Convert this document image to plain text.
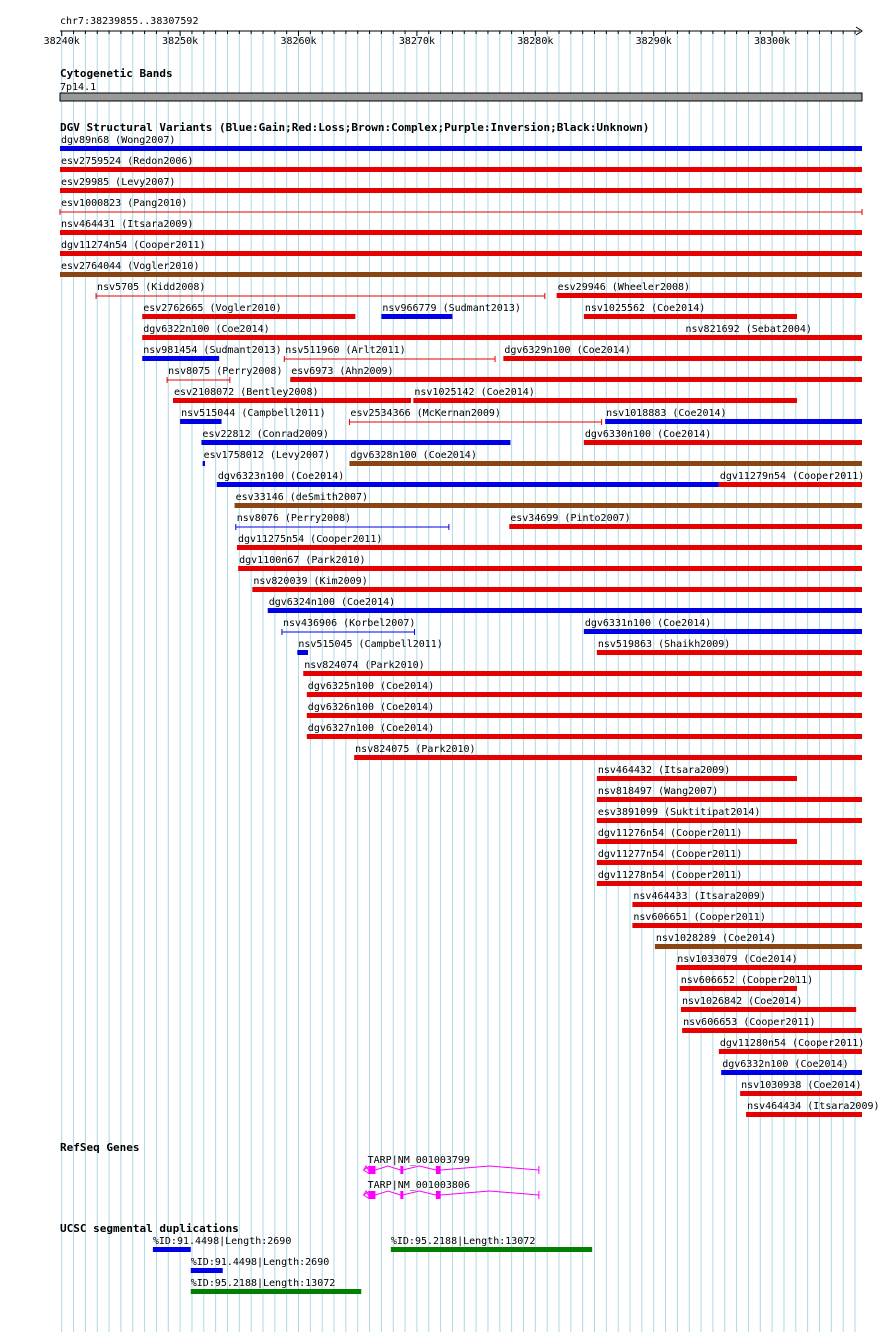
chr7:38239855..38307592
38240k	38250k	38260k	38270k	38280k	38290k	38300k
Cytogenetic Bands
7p14.1
DGV Structural Variants (Blue:Gain;Red:Loss;Brown:Complex;Purple:Inversion;Black:Unknown)
dgv89n68 (Wong2007)
esv2759524 (Redon2006)
esv29985 (Levy2007)
esv1000823 (Pang2010)
nsv464431 (Itsara2009)
dgv11274n54 (Cooper2011)
esv2764044 (Vogler2010)
nsv5705 (Kidd2008)	esv29946 (Wheeler2008)
esv2762665 (Vogler2010)	nsv966779 (Sudmant2013)	nsv1025562 (Coe2014)
dgv6322n100 (Coe2014)	nsv821692 (Sebat2004)
nsv981454 (Sudmant2013) nsv511960 (Arlt2011)	dgv6329n100 (Coe2014)
nsv8075 (Perry2008) esv6973 (Ahn2009)
esv2108072 (Bentley2008)	nsv1025142 (Coe2014)
nsv515044 (Campbell2011) esv2534366 (McKernan2009)	nsv1018883 (Coe2014)
esv22812 (Conrad2009)	dgv6330n100 (Coe2014)
esv1758012 (Levy2007) dgv6328n100 (Coe2014)
dgv6323n100 (Coe2014)	dgv11279n54 (Cooper2011)
esv33146 (deSmith2007)
nsv8076 (Perry2008)	esv34699 (Pinto2007)
dgv11275n54 (Cooper2011)
dgv1100n67 (Park2010)
nsv820039 (Kim2009)
dgv6324n100 (Coe2014)
nsv436906 (Korbel2007)	dgv6331n100 (Coe2014)
nsv515045 (Campbell2011)	nsv519863 (Shaikh2009)
nsv824074 (Park2010)
dgv6325n100 (Coe2014)
dgv6326n100 (Coe2014)
dgv6327n100 (Coe2014)
nsv824075 (Park2010)
nsv464432 (Itsara2009)
nsv818497 (Wang2007)
esv3891099 (Suktitipat2014)
dgv11276n54 (Cooper2011)
dgv11277n54 (Cooper2011)
dgv11278n54 (Cooper2011)
nsv464433 (Itsara2009)
nsv606651 (Cooper2011)
nsv1028289 (Coe2014)
nsv1033079 (Coe2014)
nsv606652 (Cooper2011)
nsv1026842 (Coe2014)
nsv606653 (Cooper2011)
dgv11280n54 (Cooper2011)
dgv6332n100 (Coe2014)
nsv1030938 (Coe2014)
nsv464434 (Itsara2009)
RefSeq Genes
TARP|NM_001003799
TARP|NM_001003806
UCSC segmental duplications
%ID:91.4498|Length:2690	%ID:95.2188|Length:13072
%ID:91.4498|Length:2690
%ID:95.2188|Length:13072
